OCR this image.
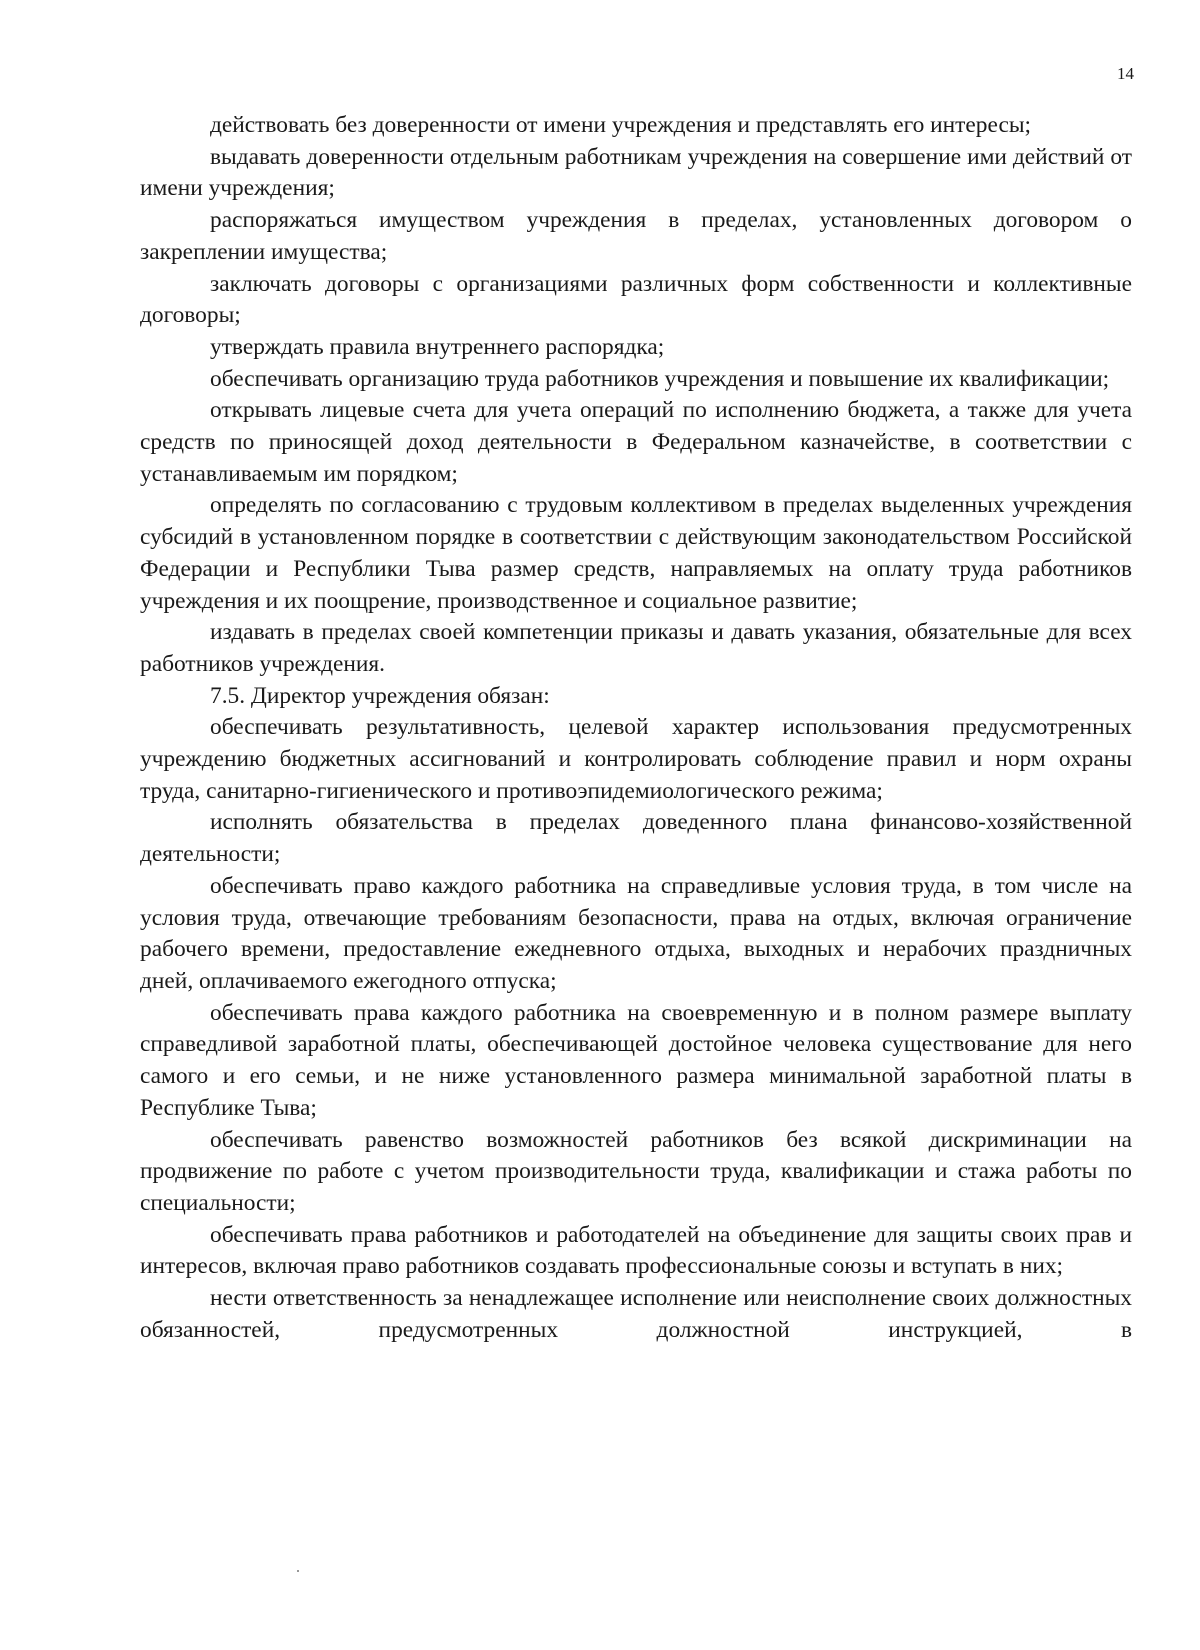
14

действовать без доверенности от имени учреждения и представлять его интересы;

выдавать доверенности отдельным работникам учреждения на совершение ими действий от имени учреждения;

распоряжаться имуществом учреждения в пределах, установленных договором о закреплении имущества;

заключать договоры с организациями различных форм собственности и коллективные договоры;

утверждать правила внутреннего распорядка;

обеспечивать организацию труда работников учреждения и повышение их квалификации;

открывать лицевые счета для учета операций по исполнению бюджета, а также для учета средств по приносящей доход деятельности в Федеральном казначействе, в соответствии с устанавливаемым им порядком;

определять по согласованию с трудовым коллективом в пределах выделенных учреждения субсидий в установленном порядке в соответствии с действующим законодательством Российской Федерации и Республики Тыва размер средств, направляемых на оплату труда работников учреждения и их поощрение, производственное и социальное развитие;

издавать в пределах своей компетенции приказы и давать указания, обязательные для всех работников учреждения.

7.5. Директор учреждения обязан:

обеспечивать результативность, целевой характер использования предусмотренных учреждению бюджетных ассигнований и контролировать соблюдение правил и норм охраны труда, санитарно-гигиенического и противоэпидемиологического режима;

исполнять обязательства в пределах доведенного плана финансово-хозяйственной деятельности;

обеспечивать право каждого работника на справедливые условия труда, в том числе на условия труда, отвечающие требованиям безопасности, права на отдых, включая ограничение рабочего времени, предоставление ежедневного отдыха, выходных и нерабочих праздничных дней, оплачиваемого ежегодного отпуска;

обеспечивать права каждого работника на своевременную и в полном размере выплату справедливой заработной платы, обеспечивающей достойное человека существование для него самого и его семьи, и не ниже установленного размера минимальной заработной платы в Республике Тыва;

обеспечивать равенство возможностей работников без всякой дискриминации на продвижение по работе с учетом производительности труда, квалификации и стажа работы по специальности;

обеспечивать права работников и работодателей на объединение для защиты своих прав и интересов, включая право работников создавать профессиональные союзы и вступать в них;

нести ответственность за ненадлежащее исполнение или неисполнение своих должностных обязанностей, предусмотренных должностной инструкцией, в
